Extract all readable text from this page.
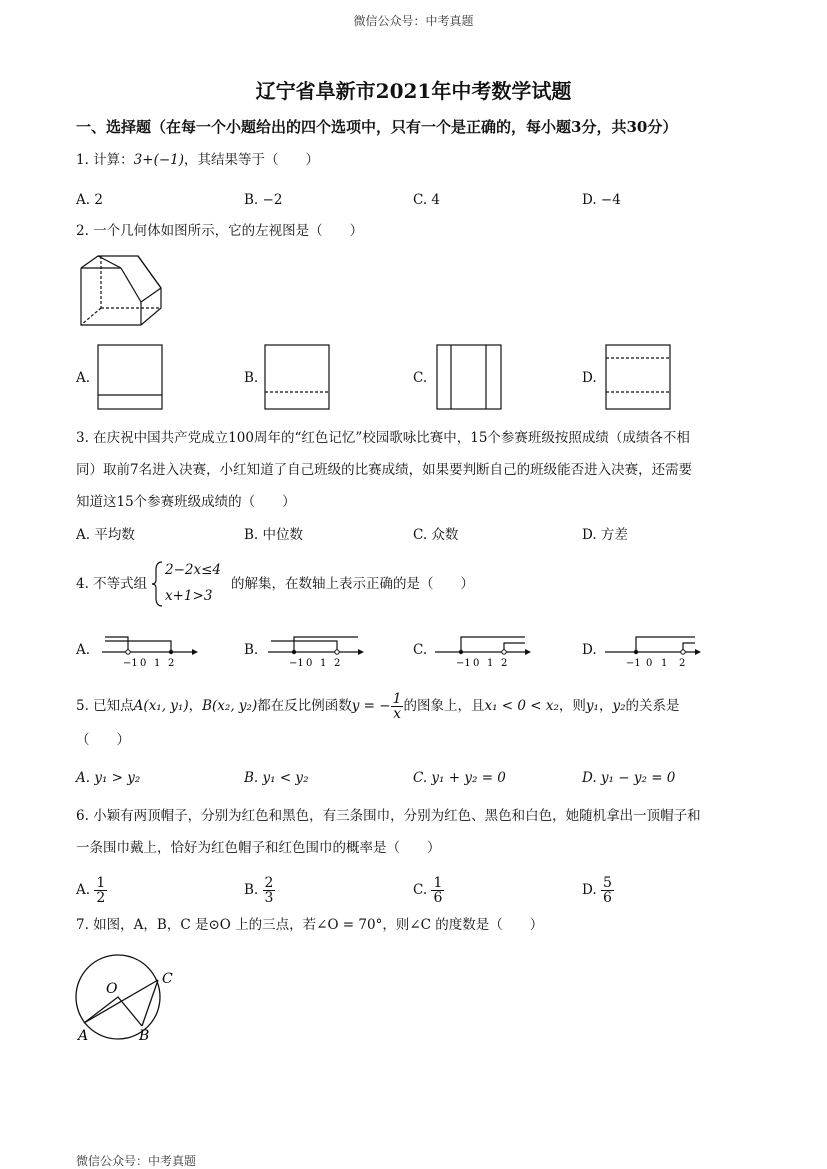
微信公众号：中考真题
辽宁省阜新市2021年中考数学试题
一、选择题（在每一个小题给出的四个选项中，只有一个是正确的，每小题3分，共30分）
1. 计算：3+(−1)，其结果等于（　　）
A. 2	B. −2	C. 4	D. −4
2. 一个几何体如图所示，它的左视图是（　　）
A.	B.	C.	D.
3. 在庆祝中国共产党成立100周年的“红色记忆”校园歌咏比赛中，15个参赛班级按照成绩（成绩各不相
同）取前7名进入决赛，小红知道了自己班级的比赛成绩，如果要判断自己的班级能否进入决赛，还需要
知道这15个参赛班级成绩的（　　）
A. 平均数	B. 中位数	C. 众数	D. 方差
4. 不等式组
2−2x≤4
x+1>3
的解集，在数轴上表示正确的是（　　）
A.
−1 0 1 2
B.
−1 0 1 2
C.
−1 0 1 2
D.
−1 0 1 2
5. 已知点A(x₁, y₁)，B(x₂, y₂)都在反比例函数y = − $\frac{1}{x}$ 的图象上，且x₁ < 0 < x₂，则y₁，y₂的关系是
（　　）
A. y₁ > y₂	B. y₁ < y₂	C. y₁ + y₂ = 0	D. y₁ − y₂ = 0
6. 小颖有两顶帽子，分别为红色和黑色，有三条围巾，分别为红色、黑色和白色，她随机拿出一顶帽子和
一条围巾戴上，恰好为红色帽子和红色围巾的概率是（　　）
A. $\frac{1}{2}$	B. $\frac{2}{3}$	C. $\frac{1}{6}$	D. $\frac{5}{6}$
7. 如图，A，B，C 是⊙O 上的三点，若∠O = 70°，则∠C 的度数是（　　）
O
C
A	B
微信公众号：中考真题
